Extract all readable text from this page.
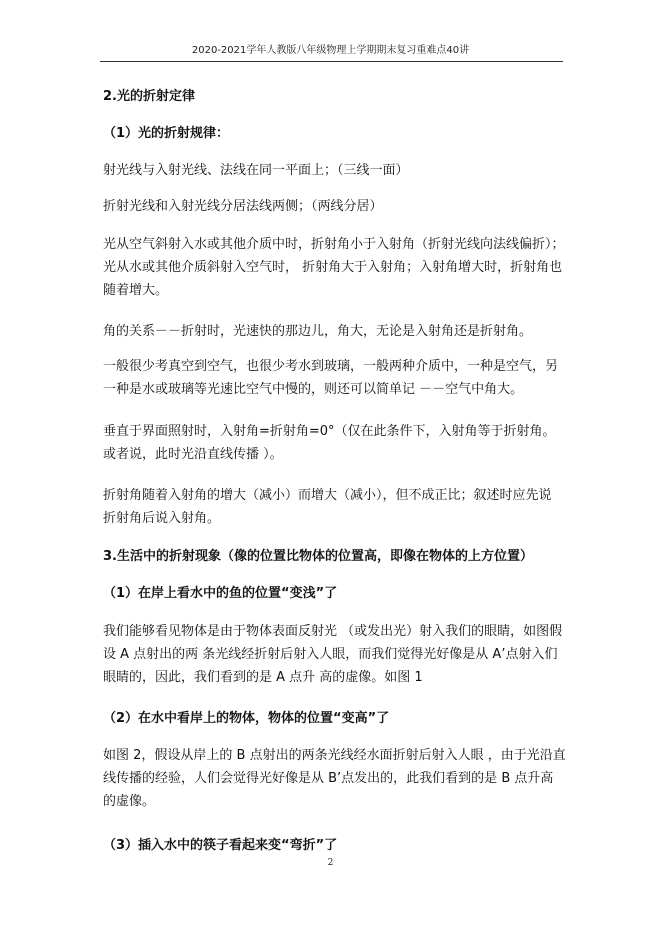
2020-2021学年人教版八年级物理上学期期末复习重难点40讲

2.光的折射定律

（1）光的折射规律：

射光线与入射光线、法线在同一平面上；（三线一面）

折射光线和入射光线分居法线两侧；（两线分居）

光从空气斜射入水或其他介质中时，折射角小于入射角（折射光线向法线偏折）；
光从水或其他介质斜射入空气时， 折射角大于入射角；入射角增大时，折射角也
随着增大。

角的关系－－折射时，光速快的那边儿，角大，无论是入射角还是折射角。

一般很少考真空到空气，也很少考水到玻璃，一般两种介质中，一种是空气，另
一种是水或玻璃等光速比空气中慢的，则还可以简单记 －－空气中角大。

垂直于界面照射时，入射角=折射角=0°（仅在此条件下，入射角等于折射角。
或者说，此时光沿直线传播 ）。

折射角随着入射角的增大（减小）而增大（减小），但不成正比；叙述时应先说
折射角后说入射角。

3.生活中的折射现象（像的位置比物体的位置高，即像在物体的上方位置）

（1）在岸上看水中的鱼的位置“变浅”了

我们能够看见物体是由于物体表面反射光 （或发出光）射入我们的眼睛，如图假
设 A 点射出的两 条光线经折射后射入人眼，而我们觉得光好像是从 A’点射入们
眼睛的，因此，我们看到的是 A 点升 高的虚像。如图 1

（2）在水中看岸上的物体，物体的位置“变高”了

如图 2，假设从岸上的 B 点射出的两条光线经水面折射后射入人眼 ，由于光沿直
线传播的经验，人们会觉得光好像是从 B’点发出的，此我们看到的是 B 点升高
的虚像。

（3）插入水中的筷子看起来变“弯折”了

2
